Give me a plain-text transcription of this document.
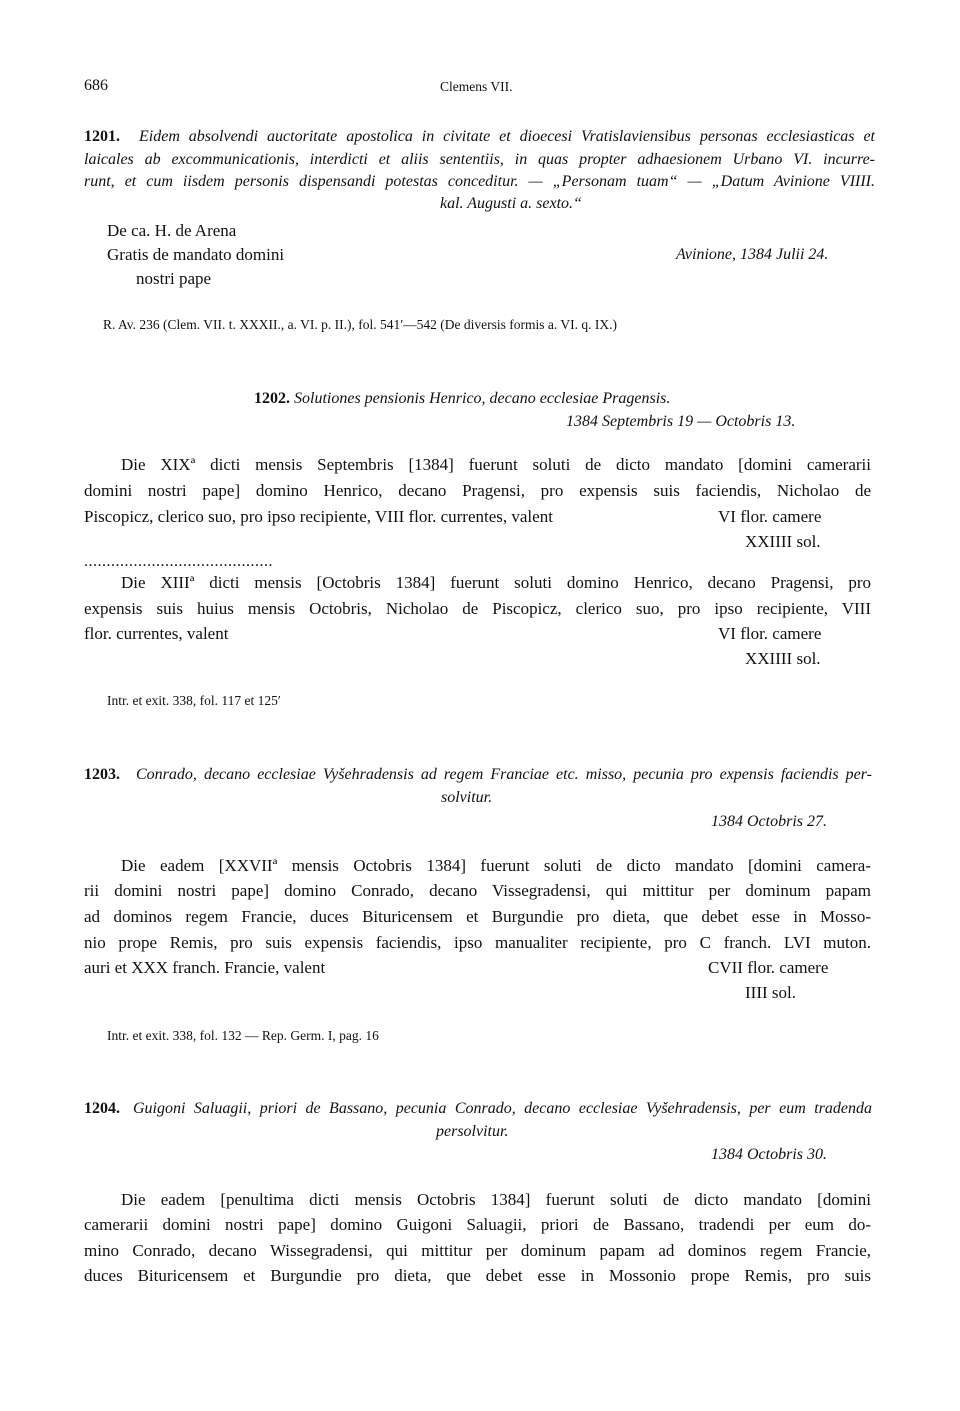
686	Clemens VII.
1201. Eidem absolvendi auctoritate apostolica in civitate et dioecesi Vratislaviensibus personas ecclesiasticas et
laicales ab excommunicationis, interdicti et aliis sententiis, in quas propter adhaesionem Urbano VI. incurre-
runt, et cum iisdem personis dispensandi potestas conceditur. — „Personam tuam“ — „Datum Avinione VIIII.
kal. Augusti a. sexto.“
De ca. H. de Arena
Gratis de mandato domini
nostri pape
Avinione, 1384 Julii 24.
R. Av. 236 (Clem. VII. t. XXXII., a. VI. p. II.), fol. 541′—542 (De diversis formis a. VI. q. IX.)
1202. Solutiones pensionis Henrico, decano ecclesiae Pragensis.
1384 Septembris 19 — Octobris 13.
Die XIXª dicti mensis Septembris [1384] fuerunt soluti de dicto mandato [domini camerarii
domini nostri pape] domino Henrico, decano Pragensi, pro expensis suis faciendis, Nicholao de
Piscopicz, clerico suo, pro ipso recipiente, VIII flor. currentes, valent	VI flor. camere
XXIIII sol.
..........................................
Die XIIIª dicti mensis [Octobris 1384] fuerunt soluti domino Henrico, decano Pragensi, pro
expensis suis huius mensis Octobris, Nicholao de Piscopicz, clerico suo, pro ipso recipiente, VIII
flor. currentes, valent	VI flor. camere
XXIIII sol.
Intr. et exit. 338, fol. 117 et 125′
1203. Conrado, decano ecclesiae Vyšehradensis ad regem Franciae etc. misso, pecunia pro expensis faciendis per-
solvitur.
1384 Octobris 27.
Die eadem [XXVIIª mensis Octobris 1384] fuerunt soluti de dicto mandato [domini camera-
rii domini nostri pape] domino Conrado, decano Vissegradensi, qui mittitur per dominum papam
ad dominos regem Francie, duces Bituricensem et Burgundie pro dieta, que debet esse in Mosso-
nio prope Remis, pro suis expensis faciendis, ipso manualiter recipiente, pro C franch. LVI muton.
auri et XXX franch. Francie, valent	CVII flor. camere
IIII sol.
Intr. et exit. 338, fol. 132 — Rep. Germ. I, pag. 16
1204. Guigoni Saluagii, priori de Bassano, pecunia Conrado, decano ecclesiae Vyšehradensis, per eum tradenda
persolvitur.
1384 Octobris 30.
Die eadem [penultima dicti mensis Octobris 1384] fuerunt soluti de dicto mandato [domini
camerarii domini nostri pape] domino Guigoni Saluagii, priori de Bassano, tradendi per eum do-
mino Conrado, decano Wissegradensi, qui mittitur per dominum papam ad dominos regem Francie,
duces Bituricensem et Burgundie pro dieta, que debet esse in Mossonio prope Remis, pro suis
